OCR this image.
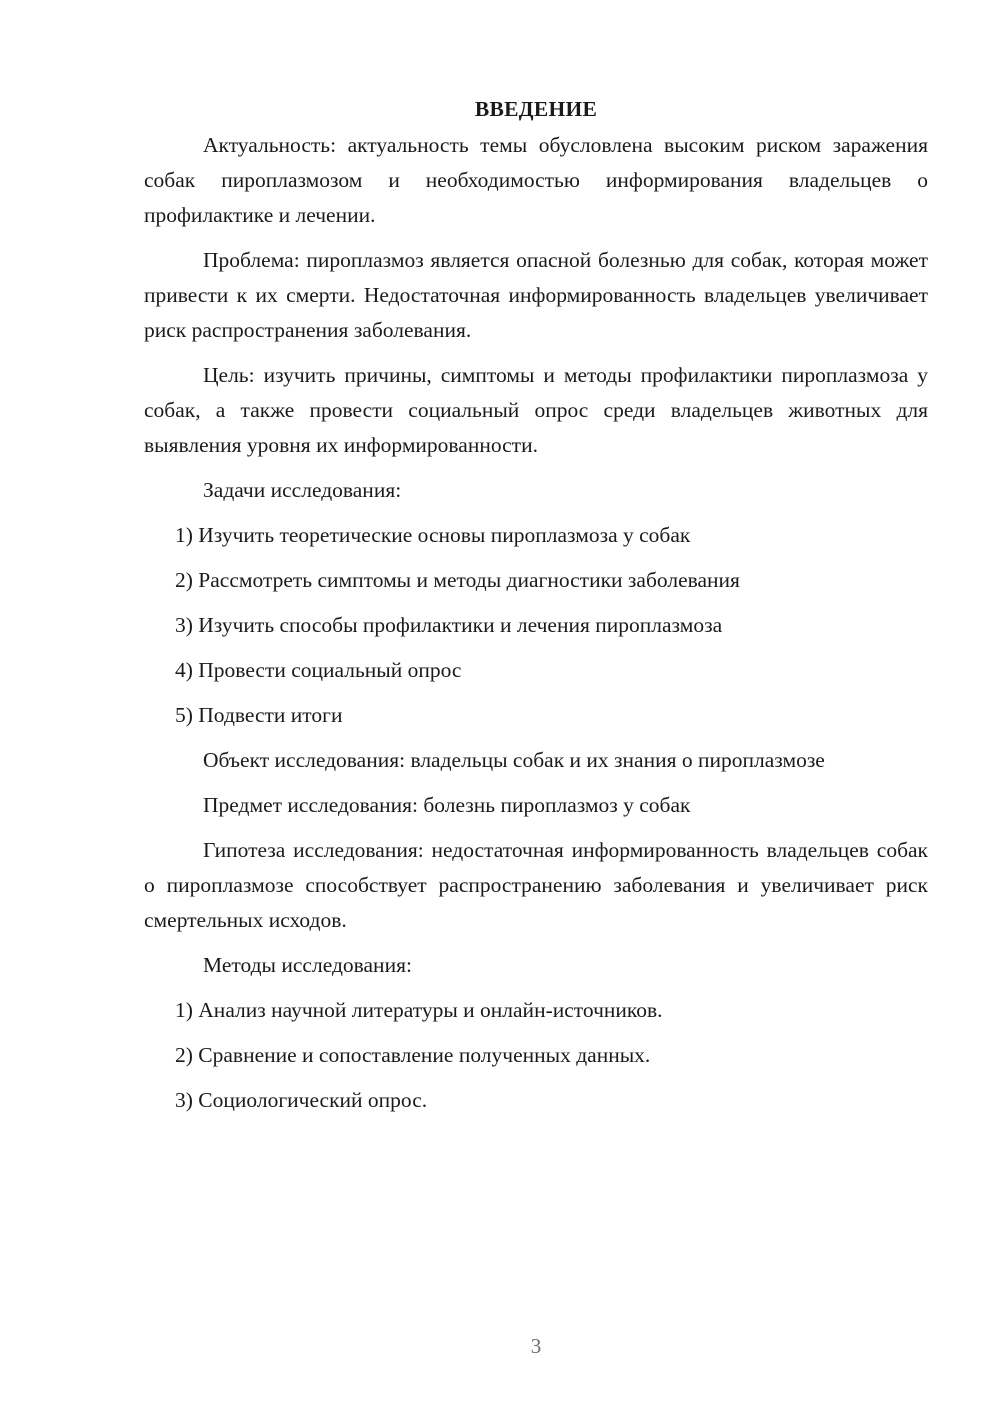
ВВЕДЕНИЕ

Актуальность: актуальность темы обусловлена высоким риском заражения собак пироплазмозом и необходимостью информирования владельцев о профилактике и лечении.

Проблема: пироплазмоз является опасной болезнью для собак, которая может привести к их смерти. Недостаточная информированность владельцев увеличивает риск распространения заболевания.

Цель: изучить причины, симптомы и методы профилактики пироплазмоза у собак, а также провести социальный опрос среди владельцев животных для выявления уровня их информированности.

Задачи исследования:

1) Изучить теоретические основы пироплазмоза у собак

2) Рассмотреть симптомы и методы диагностики заболевания

3) Изучить способы профилактики и лечения пироплазмоза

4) Провести социальный опрос

5) Подвести итоги

Объект исследования: владельцы собак и их знания о пироплазмозе

Предмет исследования: болезнь пироплазмоз у собак

Гипотеза исследования: недостаточная информированность владельцев собак о пироплазмозе способствует распространению заболевания и увеличивает риск смертельных исходов.

Методы исследования:

1) Анализ научной литературы и онлайн-источников.

2) Сравнение и сопоставление полученных данных.

3) Социологический опрос.

3
